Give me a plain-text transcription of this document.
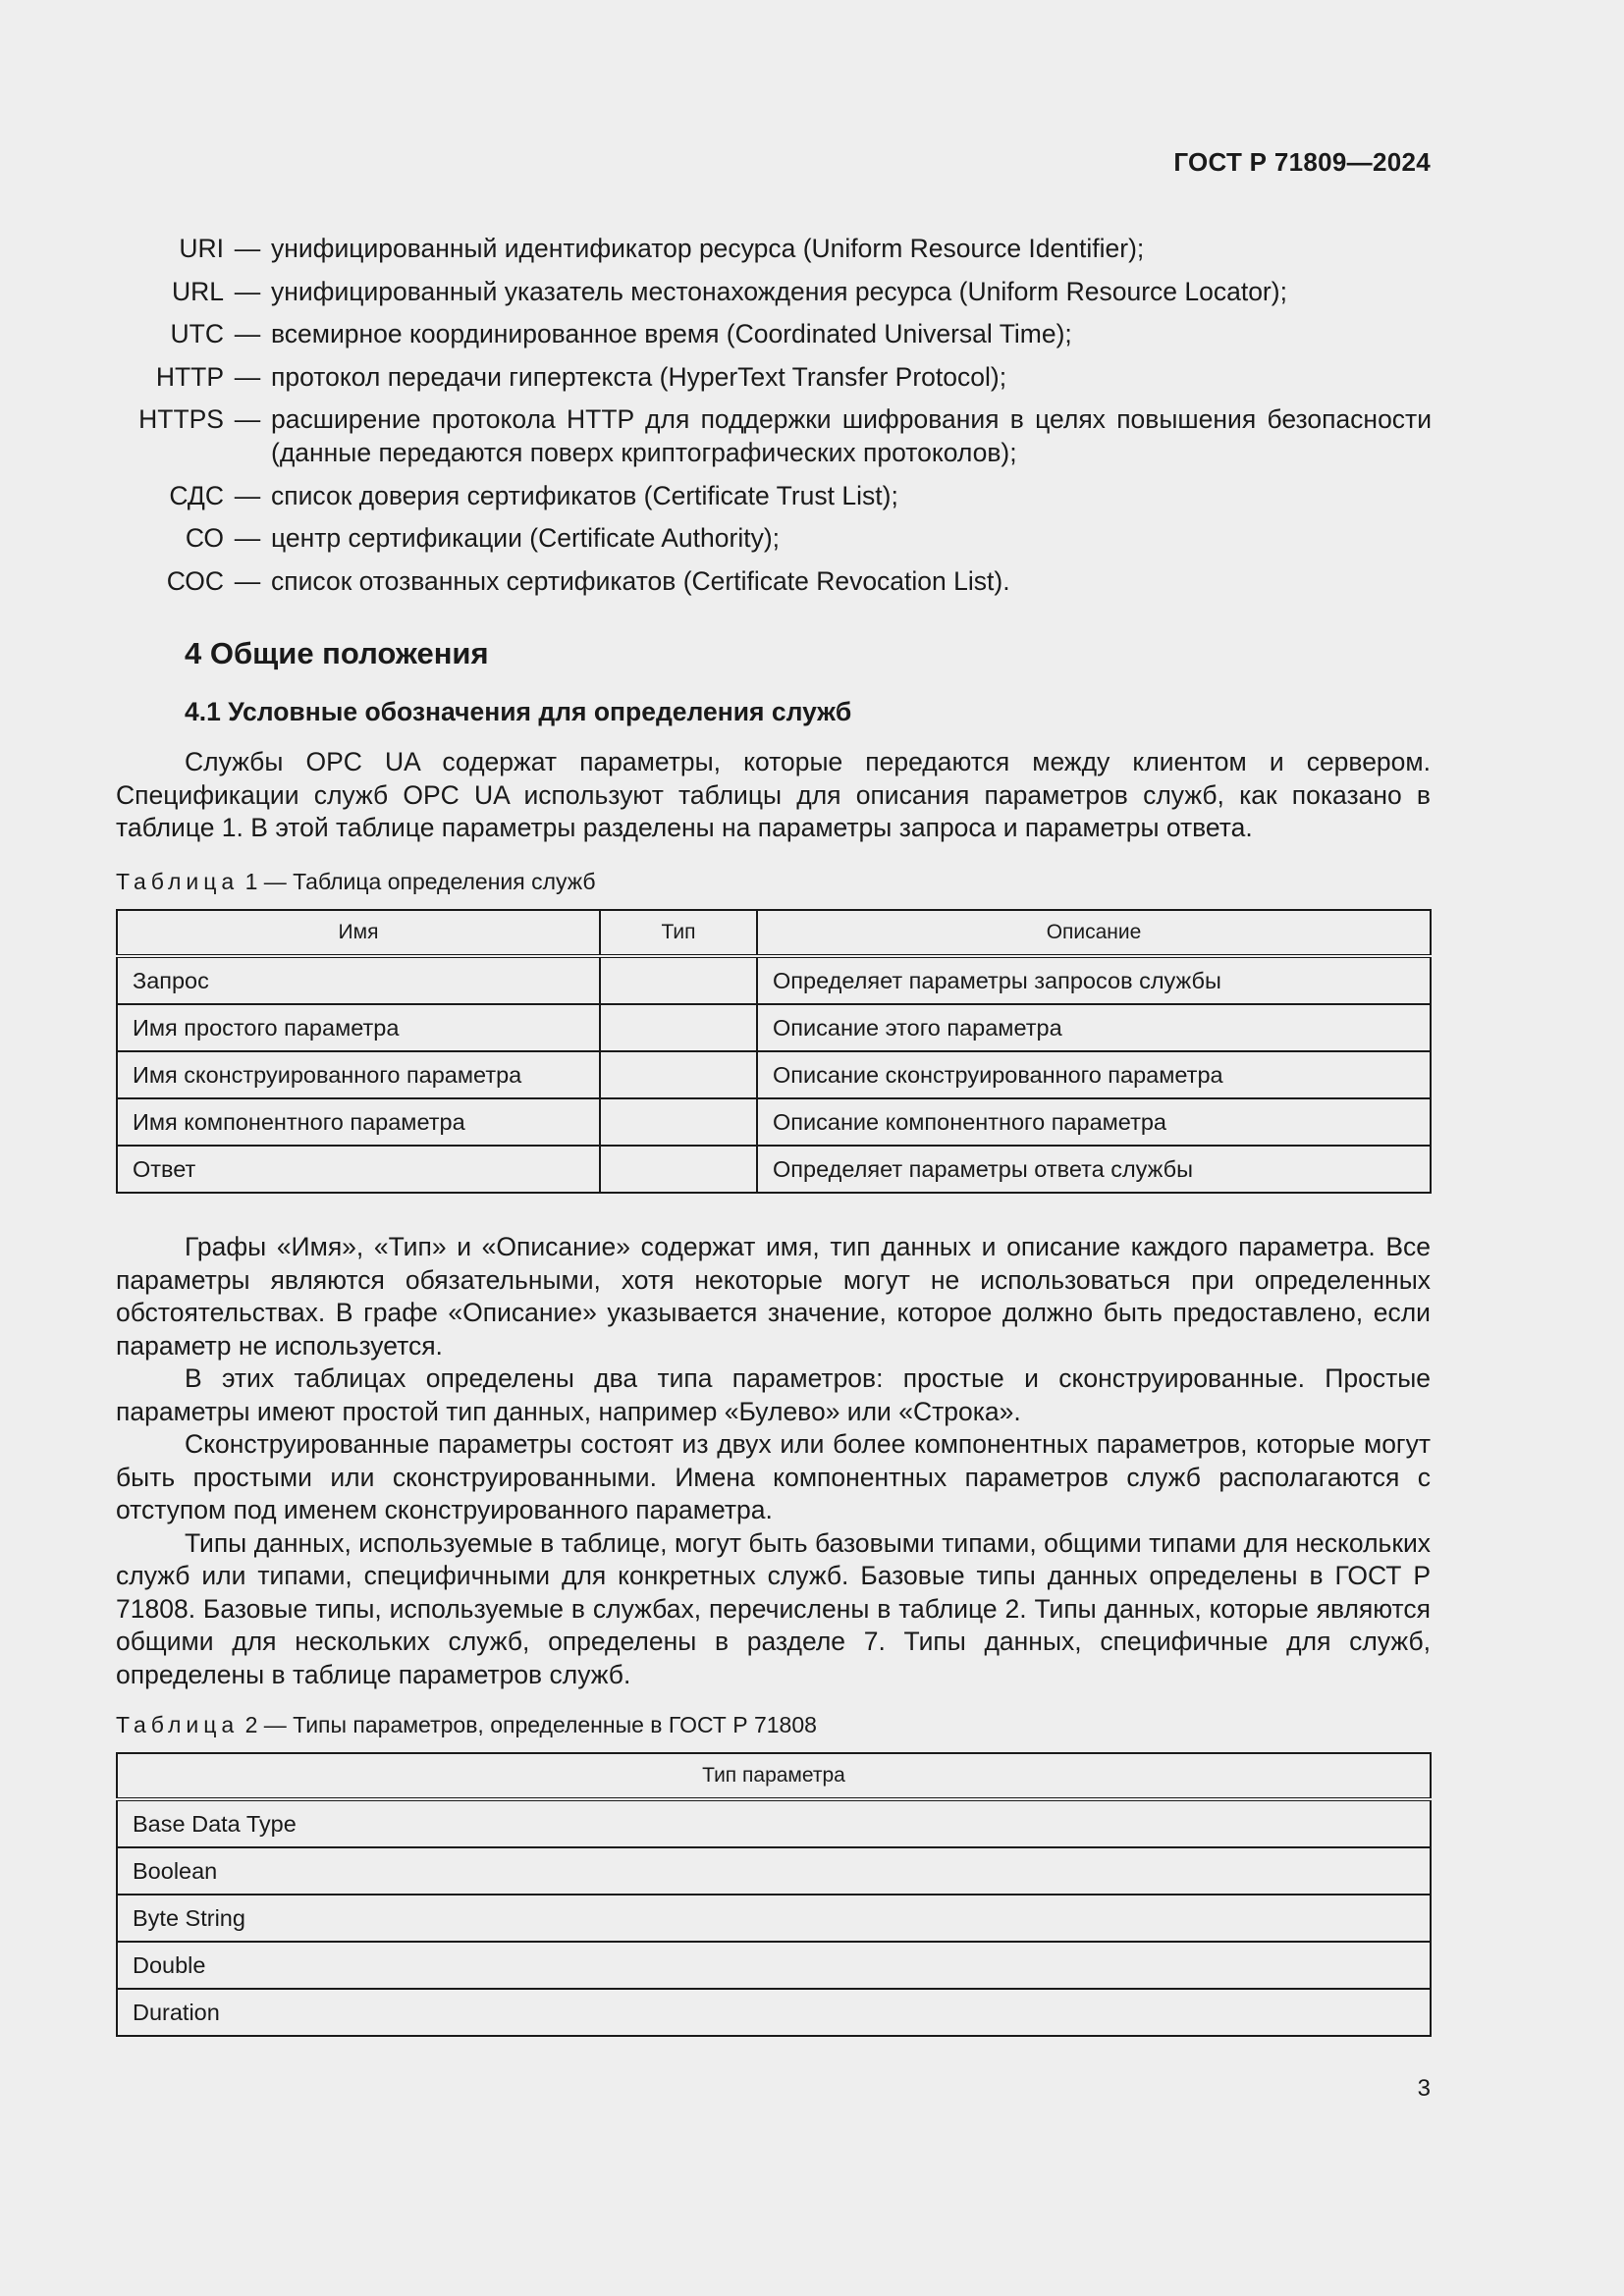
ГОСТ Р 71809—2024
URI — унифицированный идентификатор ресурса (Uniform Resource Identifier);
URL — унифицированный указатель местонахождения ресурса (Uniform Resource Locator);
UTC — всемирное координированное время (Coordinated Universal Time);
HTTP — протокол передачи гипертекста (HyperText Transfer Protocol);
HTTPS — расширение протокола HTTP для поддержки шифрования в целях повышения безопасности (данные передаются поверх криптографических протоколов);
СДС — список доверия сертификатов (Certificate Trust List);
СО — центр сертификации (Certificate Authority);
СОС — список отозванных сертификатов (Certificate Revocation List).
4 Общие положения
4.1 Условные обозначения для определения служб

Службы OPC UA содержат параметры, которые передаются между клиентом и сервером. Спецификации служб OPC UA используют таблицы для описания параметров служб, как показано в таблице 1. В этой таблице параметры разделены на параметры запроса и параметры ответа.

Таблица 1 — Таблица определения служб
Имя	Тип	Описание
Запрос		Определяет параметры запросов службы
Имя простого параметра		Описание этого параметра
Имя сконструированного параметра		Описание сконструированного параметра
Имя компонентного параметра		Описание компонентного параметра
Ответ		Определяет параметры ответа службы

Графы «Имя», «Тип» и «Описание» содержат имя, тип данных и описание каждого параметра. Все параметры являются обязательными, хотя некоторые могут не использоваться при определенных обстоятельствах. В графе «Описание» указывается значение, которое должно быть предоставлено, если параметр не используется.

В этих таблицах определены два типа параметров: простые и сконструированные. Простые параметры имеют простой тип данных, например «Булево» или «Строка».

Сконструированные параметры состоят из двух или более компонентных параметров, которые могут быть простыми или сконструированными. Имена компонентных параметров служб располагаются с отступом под именем сконструированного параметра.

Типы данных, используемые в таблице, могут быть базовыми типами, общими типами для нескольких служб или типами, специфичными для конкретных служб. Базовые типы данных определены в ГОСТ Р 71808. Базовые типы, используемые в службах, перечислены в таблице 2. Типы данных, которые являются общими для нескольких служб, определены в разделе 7. Типы данных, специфичные для служб, определены в таблице параметров служб.

Таблица 2 — Типы параметров, определенные в ГОСТ Р 71808
Тип параметра
Base Data Type
Boolean
Byte String
Double
Duration
3
